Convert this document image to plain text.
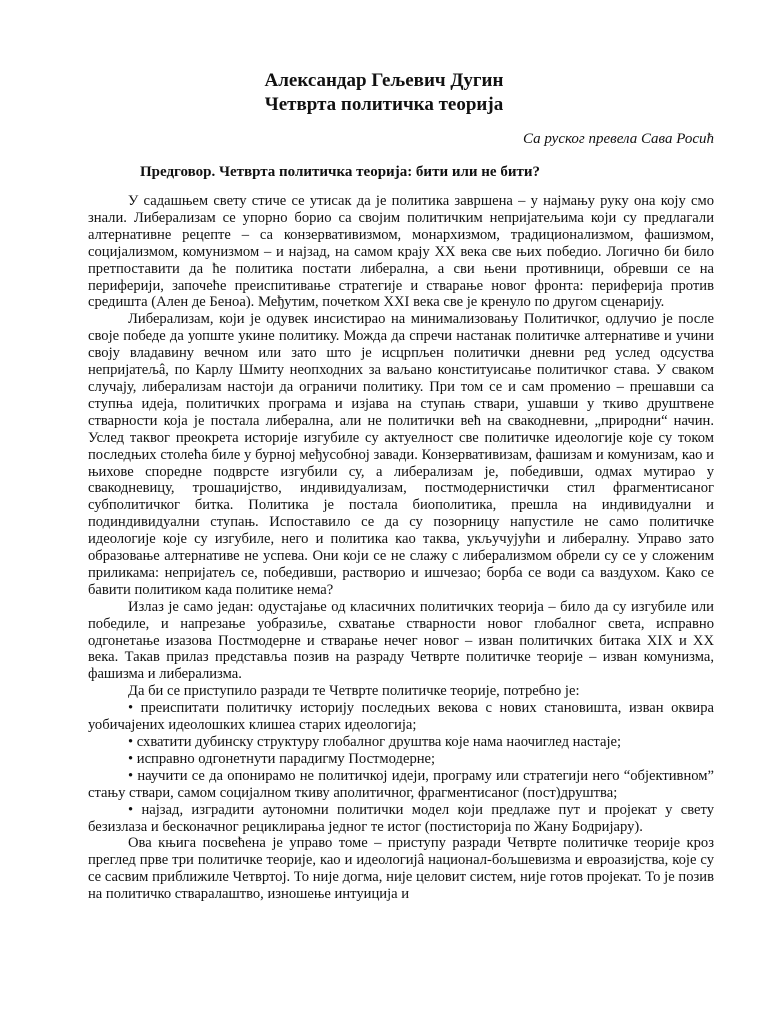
Александар Гељевич Дугин
Четврта политичка теорија
Са руског превела Сава Росић
Предговор. Четврта политичка теорија: бити или не бити?

У садашњем свету стиче се утисак да је политика завршена – у најмању руку она коју смо знали. Либерализам се упорно борио са својим политичким непријатељима који су предлагали алтернативне рецепте – са конзервативизмом, монархизмом, традиционализмом, фашизмом, социјализмом, комунизмом – и најзад, на самом крају XX века све њих победио. Логично би било претпоставити да ће политика постати либерална, а сви њени противници, обревши се на периферији, започеће преиспитивање стратегије и стварање новог фронта: периферија против средишта (Ален де Беноа). Међутим, почетком XXI века све је кренуло по другом сценарију.

Либерализам, који је одувек инсистирао на минимализовању Политичког, одлучио је после своје победе да уопште укине политику. Можда да спречи настанак политичке алтернативе и учини своју владавину вечном или зато што је исцрпљен политички дневни ред услед одсуства непријатељâ, по Карлу Шмиту неопходних за ваљано конституисање политичког става. У сваком случају, либерализам настоји да ограничи политику. При том се и сам променио – прешавши са ступња идеја, политичких програма и изјава на ступањ ствари, ушавши у ткиво друштвене стварности која је постала либерална, али не политички већ на свакодневни, „природни“ начин. Услед таквог преокрета историје изгубиле су актуелност све политичке идеологије које су током последњих столећа биле у бурној међусобној завади. Конзервативизам, фашизам и комунизам, као и њихове споредне подврсте изгубили су, а либерализам је, победивши, одмах мутирао у свакодневицу, трошаџијство, индивидуализам, постмодернистички стил фрагментисаног субполитичког битка. Политика је постала биополитика, прешла на индивидуални и подиндивидуални ступањ. Испоставило се да су позорницу напустиле не само политичке идеологије које су изгубиле, него и политика као таква, укључујући и либералну. Управо зато образовање алтернативе не успева. Они који се не слажу с либерализмом обрели су се у сложеним приликама: непријатељ се, победивши, растворио и ишчезао; борба се води са ваздухом. Како се бавити политиком када политике нема?

Излаз је само један: одустајање од класичних политичких теорија – било да су изгубиле или победиле, и напрезање уобразиље, схватање стварности новог глобалног света, исправно одгонетање изазова Постмодерне и стварање нечег новог – изван политичких битака XIX и XX века. Такав прилаз представља позив на разраду Четврте политичке теорије – изван комунизма, фашизма и либерализма.

Да би се приступило разради те Четврте политичке теорије, потребно је:

• преиспитати политичку историју последњих векова с нових становишта, изван оквира уобичајених идеолошких клишеа старих идеологија;

• схватити дубинску структуру глобалног друштва које нама наочиглед настаје;

• исправно одгонетнути парадигму Постмодерне;

• научити се да опонирамо не политичкој идеји, програму или стратегији него “објективном” стању ствари, самом социјалном ткиву аполитичног, фрагментисаног (пост)друштва;

• најзад, изградити аутономни политички модел који предлаже пут и пројекат у свету безизлаза и бесконачног рециклирања једног те истог (постисторија по Жану Бодријару).

Ова књига посвећена је управо томе – приступу разради Четврте политичке теорије кроз преглед прве три политичке теорије, као и идеологијâ национал-бољшевизма и евроазијства, које су се сасвим приближиле Четвртој. То није догма, није целовит систем, није готов пројекат. То је позив на политичко стваралаштво, изношење интуиција и
